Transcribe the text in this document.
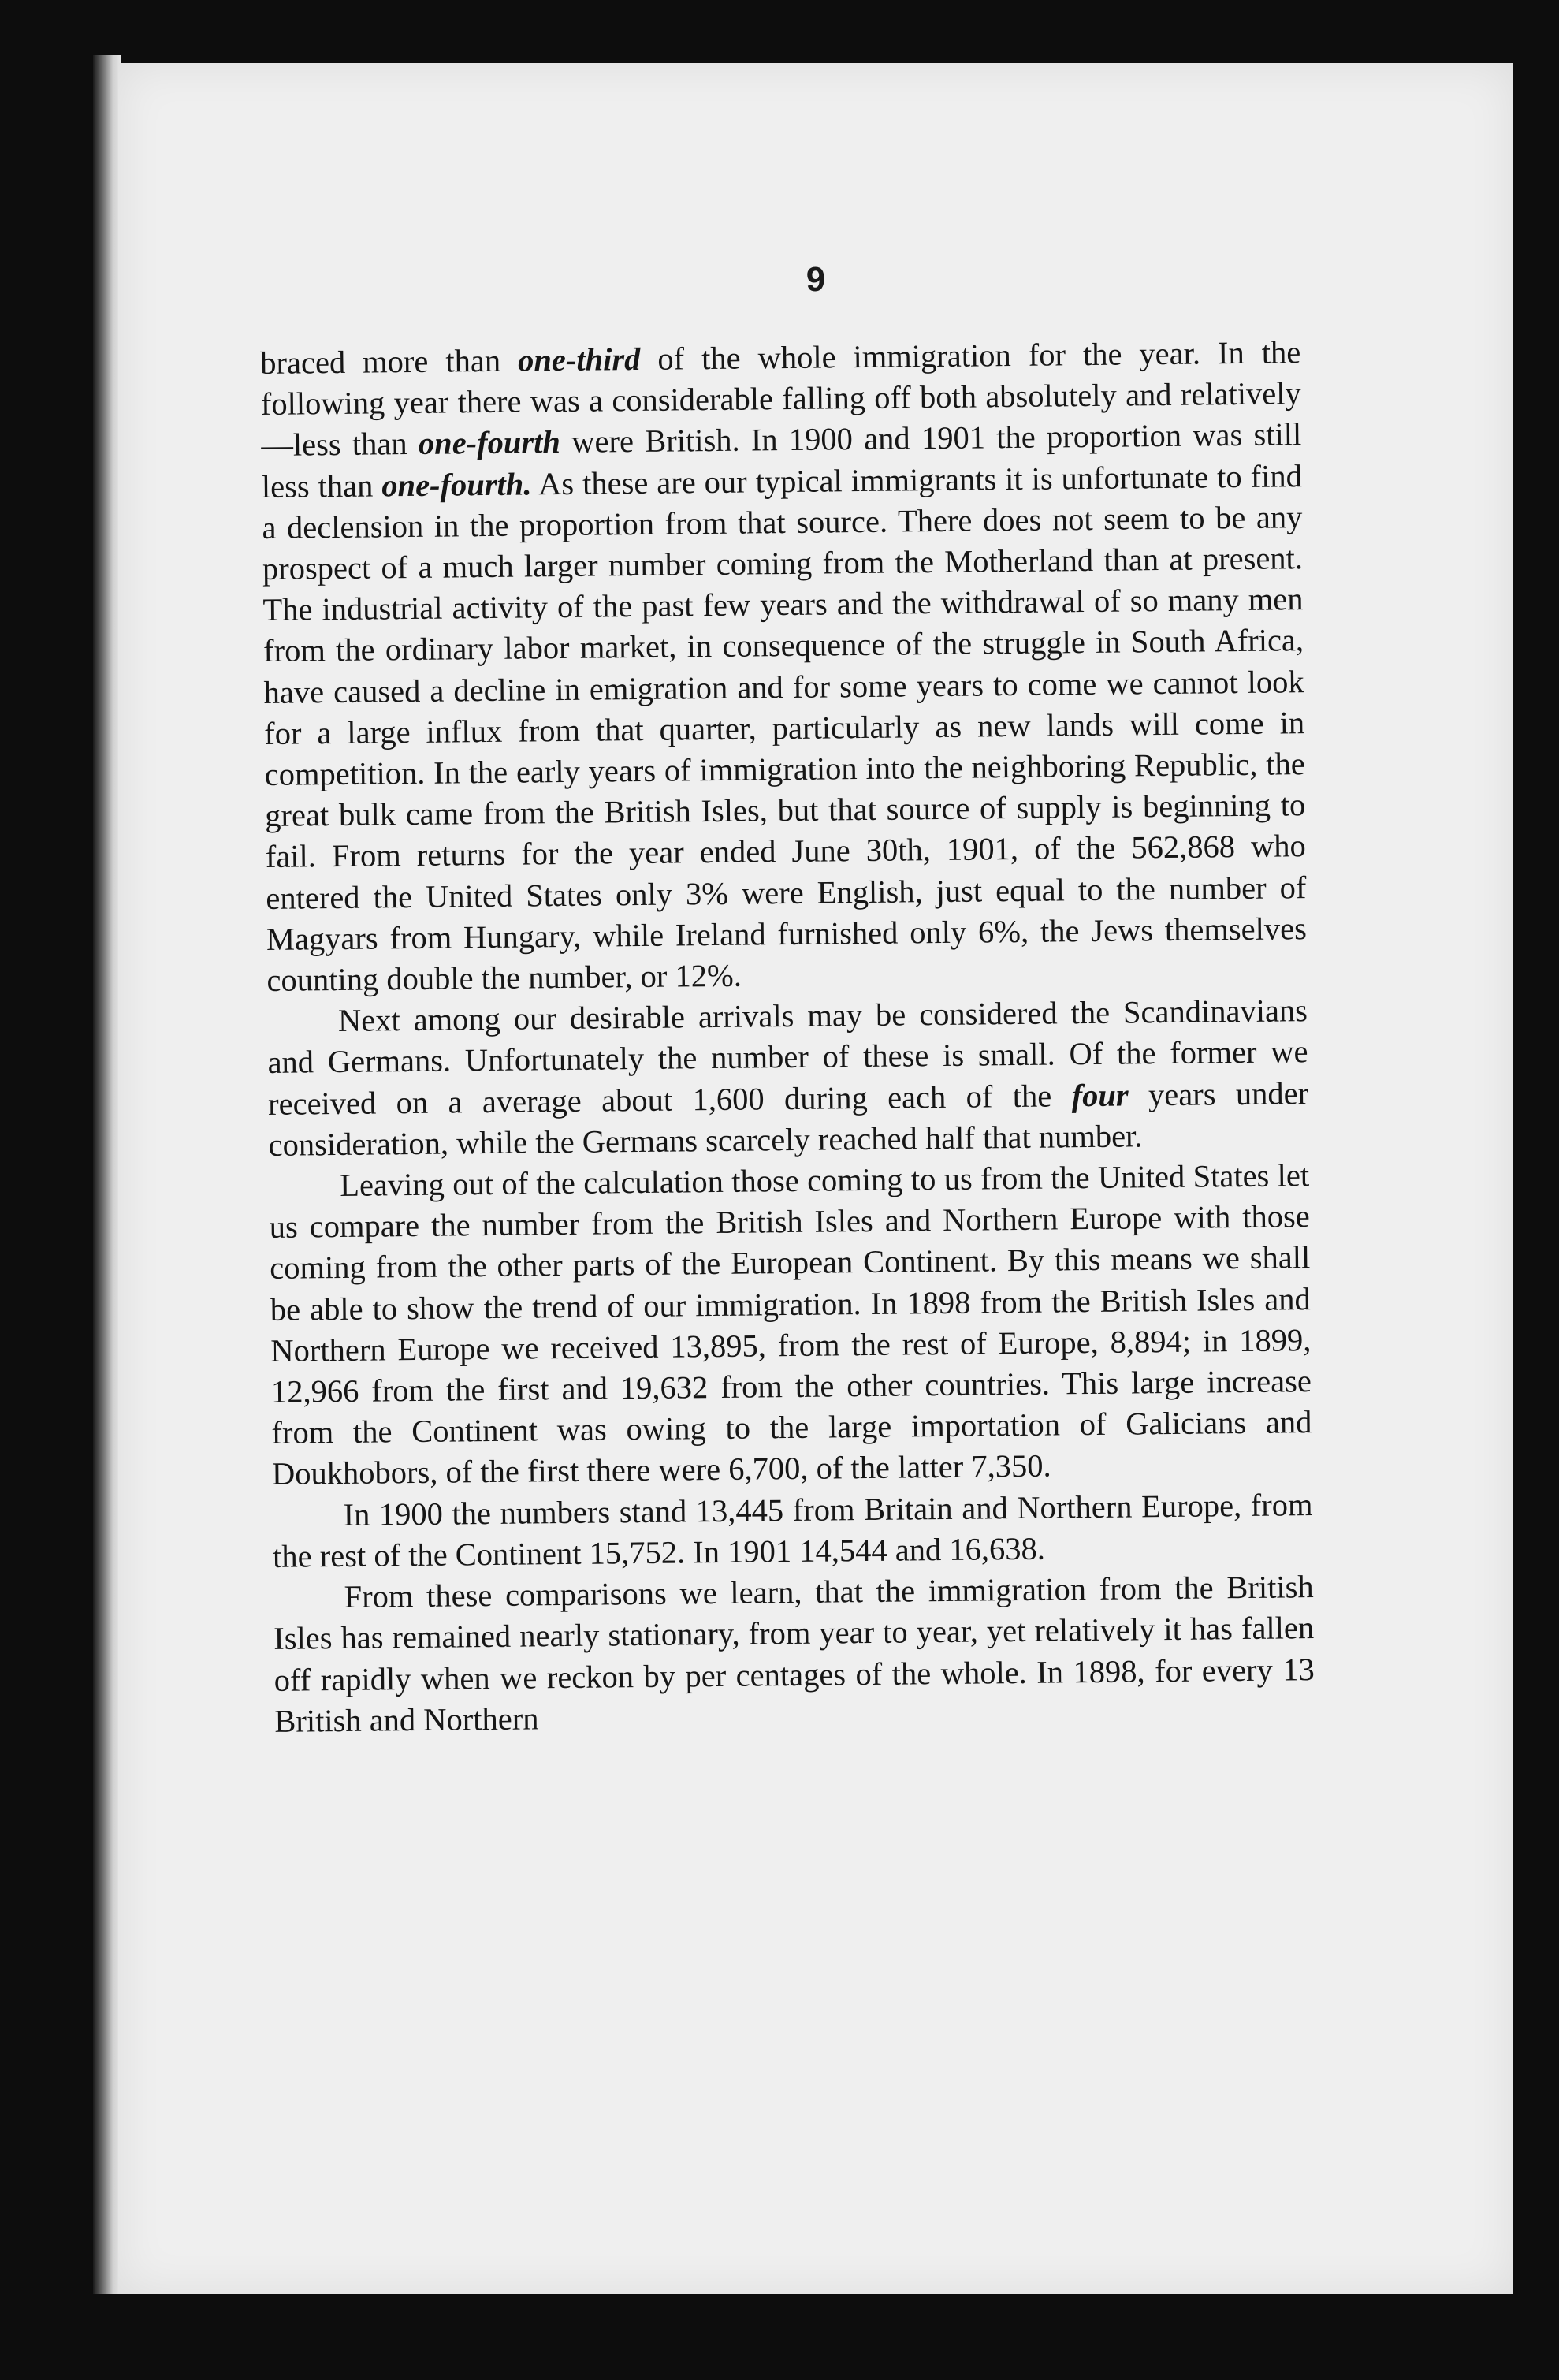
9

braced more than one-third of the whole immigration for the year. In the following year there was a considerable falling off both absolutely and relatively—less than one-fourth were British. In 1900 and 1901 the proportion was still less than one-fourth. As these are our typical immigrants it is unfortunate to find a declension in the proportion from that source. There does not seem to be any prospect of a much larger number coming from the Motherland than at present. The industrial activity of the past few years and the withdrawal of so many men from the ordinary labor market, in consequence of the struggle in South Africa, have caused a decline in emigration and for some years to come we cannot look for a large influx from that quarter, particularly as new lands will come in competition. In the early years of immigration into the neighboring Republic, the great bulk came from the British Isles, but that source of supply is beginning to fail. From returns for the year ended June 30th, 1901, of the 562,868 who entered the United States only 3% were English, just equal to the number of Magyars from Hungary, while Ireland furnished only 6%, the Jews themselves counting double the number, or 12%.

Next among our desirable arrivals may be considered the Scandinavians and Germans. Unfortunately the number of these is small. Of the former we received on a average about 1,600 during each of the four years under consideration, while the Germans scarcely reached half that number.

Leaving out of the calculation those coming to us from the United States let us compare the number from the British Isles and Northern Europe with those coming from the other parts of the European Continent. By this means we shall be able to show the trend of our immigration. In 1898 from the British Isles and Northern Europe we received 13,895, from the rest of Europe, 8,894; in 1899, 12,966 from the first and 19,632 from the other countries. This large increase from the Continent was owing to the large importation of Galicians and Doukhobors, of the first there were 6,700, of the latter 7,350.

In 1900 the numbers stand 13,445 from Britain and Northern Europe, from the rest of the Continent 15,752. In 1901 14,544 and 16,638.

From these comparisons we learn, that the immigration from the British Isles has remained nearly stationary, from year to year, yet relatively it has fallen off rapidly when we reckon by per centages of the whole. In 1898, for every 13 British and Northern
